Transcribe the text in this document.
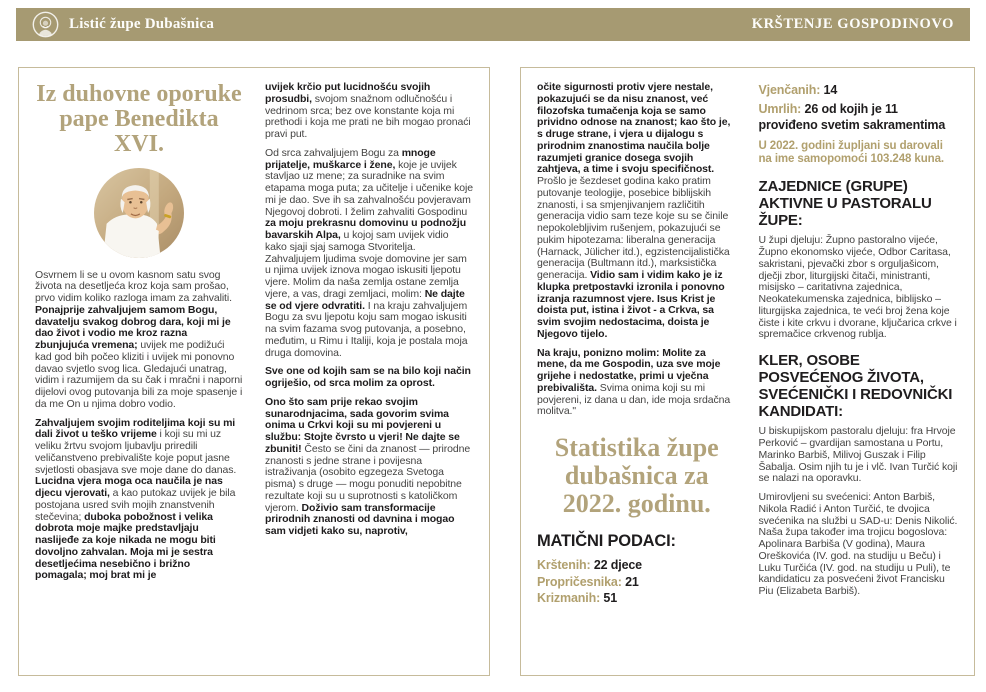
Listić župe Dubašnica	KRŠTENJE GOSPODINOVO
Iz duhovne oporuke pape Benedikta XVI.
Osvrnem li se u ovom kasnom satu svog života na desetljeća kroz koja sam prošao, prvo vidim koliko razloga imam za zahvaliti. Ponajprije zahvaljujem samom Bogu, davatelju svakog dobrog dara, koji mi je dao život i vodio me kroz razna zbunjujuća vremena; uvijek me podižući kad god bih počeo kliziti i uvijek mi ponovno davao svjetlo svog lica. Gledajući unatrag, vidim i razumijem da su čak i mračni i naporni dijelovi ovog putovanja bili za moje spasenje i da me On u njima dobro vodio.
Zahvaljujem svojim roditeljima koji su mi dali život u teško vrijeme i koji su mi uz veliku žrtvu svojom ljubavlju priredili veličanstveno prebivalište koje poput jasne svjetlosti obasjava sve moje dane do danas. Lucidna vjera moga oca naučila je nas djecu vjerovati, a kao putokaz uvijek je bila postojana usred svih mojih znanstvenih stečevina; duboka pobožnost i velika dobrota moje majke predstavljaju naslijeđe za koje nikada ne mogu biti dovoljno zahvalan. Moja mi je sestra desetljećima nesebično i brižno pomagala; moj brat mi je
uvijek krčio put lucidnošću svojih prosudbi, svojom snažnom odlučnošću i vedrinom srca; bez ove konstante koja mi prethodi i koja me prati ne bih mogao pronaći pravi put.
Od srca zahvaljujem Bogu za mnoge prijatelje, muškarce i žene, koje je uvijek stavljao uz mene; za suradnike na svim etapama moga puta; za učitelje i učenike koje mi je dao. Sve ih sa zahvalnošću povjeravam Njegovoj dobroti. I želim zahvaliti Gospodinu za moju prekrasnu domovinu u podnožju bavarskih Alpa, u kojoj sam uvijek vidio kako sjaji sjaj samoga Stvoritelja. Zahvaljujem ljudima svoje domovine jer sam u njima uvijek iznova mogao iskusiti ljepotu vjere. Molim da naša zemlja ostane zemlja vjere, a vas, dragi zemljaci, molim: Ne dajte se od vjere odvratiti. I na kraju zahvaljujem Bogu za svu ljepotu koju sam mogao iskusiti na svim fazama svog putovanja, a posebno, međutim, u Rimu i Italiji, koja je postala moja druga domovina.
Sve one od kojih sam se na bilo koji način ogriješio, od srca molim za oprost.
Ono što sam prije rekao svojim sunarodnjacima, sada govorim svima onima u Crkvi koji su mi povjereni u službu: Stojte čvrsto u vjeri! Ne dajte se zbuniti! Često se čini da znanost — prirodne znanosti s jedne strane i povijesna istraživanja (osobito egzegeza Svetoga pisma) s druge — mogu ponuditi nepobitne rezultate koji su u suprotnosti s katoličkom vjerom. Doživio sam transformacije prirodnih znanosti od davnina i mogao sam vidjeti kako su, naprotiv,
očite sigurnosti protiv vjere nestale, pokazujući se da nisu znanost, već filozofska tumačenja koja se samo prividno odnose na znanost; kao što je, s druge strane, i vjera u dijalogu s prirodnim znanostima naučila bolje razumjeti granice dosega svojih zahtjeva, a time i svoju specifičnost. Prošlo je šezdeset godina kako pratim putovanje teologije, posebice biblijskih znanosti, i sa smjenjivanjem različitih generacija vidio sam teze koje su se činile nepokolebljivim rušenjem, pokazujući se pukim hipotezama: liberalna generacija (Harnack, Jülicher itd.), egzistencijalistička generacija (Bultmann itd.), marksistička generacija. Vidio sam i vidim kako je iz klupka pretpostavki izronila i ponovno izranja razumnost vjere. Isus Krist je doista put, istina i život - a Crkva, sa svim svojim nedostacima, doista je Njegovo tijelo.
Na kraju, ponizno molim: Molite za mene, da me Gospodin, uza sve moje grijehe i nedostatke, primi u vječna prebivališta. Svima onima koji su mi povjereni, iz dana u dan, ide moja srdačna molitva."
Statistika župe dubašnica za 2022. godinu.
MATIČNI PODACI:
Krštenih: 22 djece
Propričesnika: 21
Krizmanih: 51
Vjenčanih: 14
Umrlih: 26 od kojih je 11 proviđeno svetim sakramentima
U 2022. godini župljani su darovali na ime samopomoći 103.248 kuna.
ZAJEDNICE (GRUPE) AKTIVNE U PASTORALU ŽUPE:
U župi djeluju: Župno pastoralno vijeće, Župno ekonomsko vijeće, Odbor Caritasa, sakristani, pjevački zbor s orguljašicom, dječji zbor, liturgijski čitači, ministranti, misijsko – caritativna zajednica, Neokatekumenska zajednica, biblijsko – liturgijska zajednica, te veći broj žena koje čiste i kite crkvu i dvorane, ključarica crkve i spremačice crkvenog rublja.
KLER, OSOBE POSVEĆENOG ŽIVOTA, SVEĆENIČKI I REDOVNIČKI KANDIDATI:
U biskupijskom pastoralu djeluju: fra Hrvoje Perković – gvardijan samostana u Portu, Marinko Barbiš, Milivoj Guszak i Filip Šabalja. Osim njih tu je i vlč. Ivan Turčić koji se nalazi na oporavku.
Umirovljeni su svećenici: Anton Barbiš, Nikola Radić i Anton Turčić, te dvojica svećenika na službi u SAD-u: Denis Nikolić. Naša župa također ima trojicu bogoslova: Apolinara Barbiša (V godina), Maura Oreškovića (IV. god. na studiju u Beču) i Luku Turčića (IV. god. na studiju u Puli), te kandidaticu za posvećeni život Francisku Piu (Elizabeta Barbiš).
